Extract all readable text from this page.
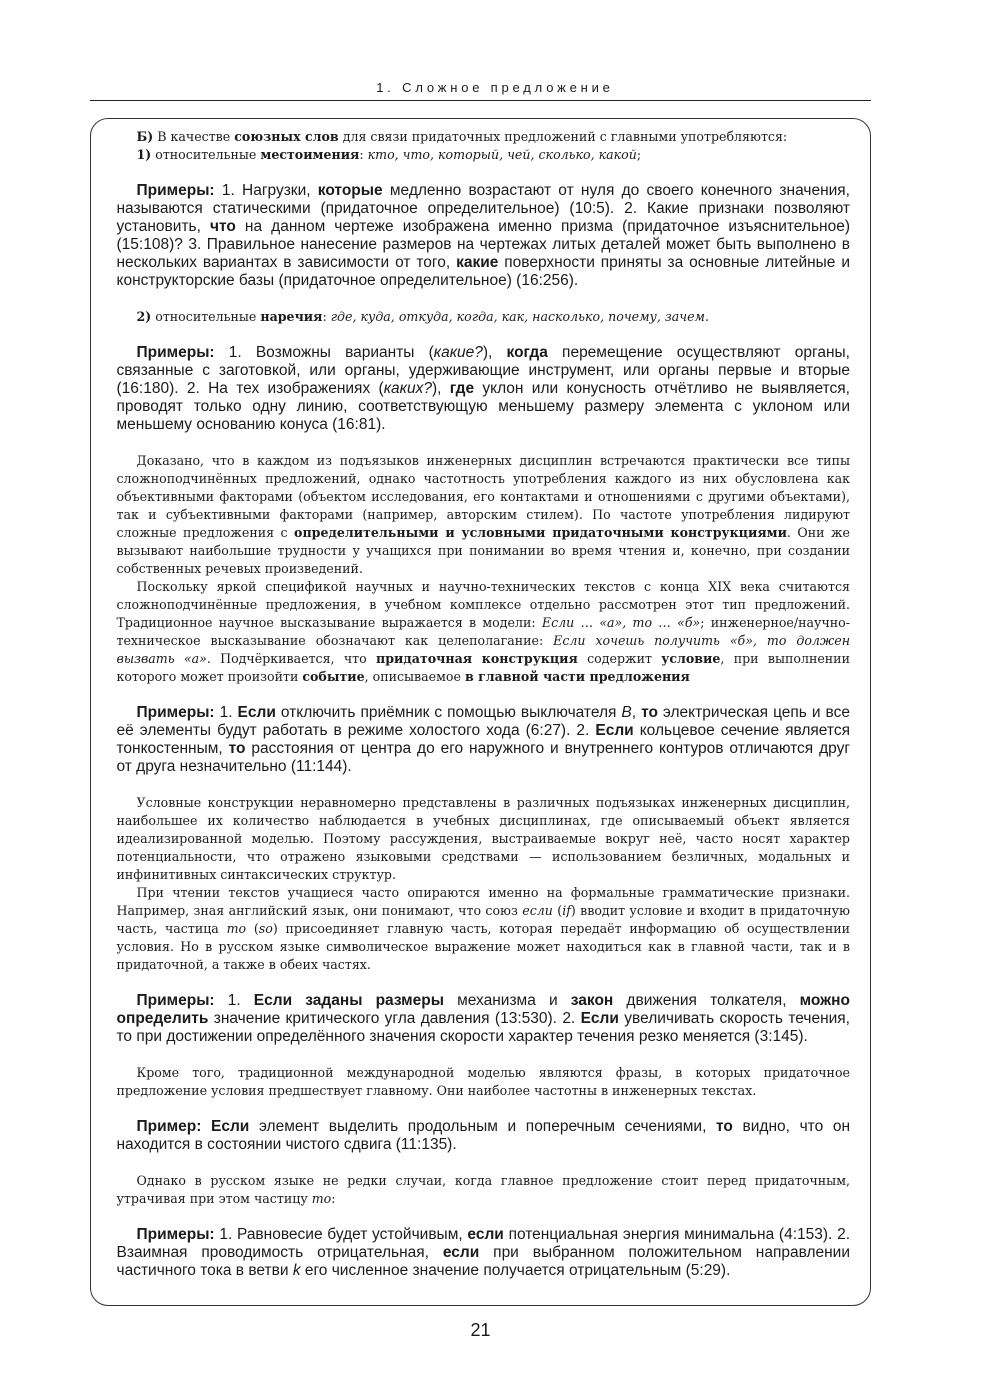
1. Сложное предложение

Б) В качестве союзных слов для связи придаточных предложений с главными употребляются:

1) относительные местоимения: кто, что, который, чей, сколько, какой;

Примеры: 1. Нагрузки, которые медленно возрастают от нуля до своего конечного значения, называются статическими (придаточное определительное) (10:5). 2. Какие признаки позволяют установить, что на данном чертеже изображена именно призма (придаточное изъяснительное) (15:108)? 3. Правильное нанесение размеров на чертежах литых деталей может быть выполнено в нескольких вариантах в зависимости от того, какие поверхности приняты за основные литейные и конструкторские базы (придаточное определительное) (16:256).

2) относительные наречия: где, куда, откуда, когда, как, насколько, почему, зачем.

Примеры: 1. Возможны варианты (какие?), когда перемещение осуществляют органы, связанные с заготовкой, или органы, удерживающие инструмент, или органы первые и вторые (16:180). 2. На тех изображениях (каких?), где уклон или конусность отчётливо не выявляется, проводят только одну линию, соответствующую меньшему размеру элемента с уклоном или меньшему основанию конуса (16:81).

Доказано, что в каждом из подъязыков инженерных дисциплин встречаются практически все типы сложноподчинённых предложений, однако частотность употребления каждого из них обусловлена как объективными факторами (объектом исследования, его контактами и отношениями с другими объектами), так и субъективными факторами (например, авторским стилем). По частоте употребления лидируют сложные предложения с определительными и условными придаточными конструкциями. Они же вызывают наибольшие трудности у учащихся при понимании во время чтения и, конечно, при создании собственных речевых произведений.

Поскольку яркой спецификой научных и научно-технических текстов с конца XIX века считаются сложноподчинённые предложения, в учебном комплексе отдельно рассмотрен этот тип предложений. Традиционное научное высказывание выражается в модели: Если … «а», то … «б»; инженерное/научно-техническое высказывание обозначают как целеполагание: Если хочешь получить «б», то должен вызвать «а». Подчёркивается, что придаточная конструкция содержит условие, при выполнении которого может произойти событие, описываемое в главной части предложения

Примеры: 1. Если отключить приёмник с помощью выключателя В, то электрическая цепь и все её элементы будут работать в режиме холостого хода (6:27). 2. Если кольцевое сечение является тонкостенным, то расстояния от центра до его наружного и внутреннего контуров отличаются друг от друга незначительно (11:144).

Условные конструкции неравномерно представлены в различных подъязыках инженерных дисциплин, наибольшее их количество наблюдается в учебных дисциплинах, где описываемый объект является идеализированной моделью. Поэтому рассуждения, выстраиваемые вокруг неё, часто носят характер потенциальности, что отражено языковыми средствами — использованием безличных, модальных и инфинитивных синтаксических структур.

При чтении текстов учащиеся часто опираются именно на формальные грамматические признаки. Например, зная английский язык, они понимают, что союз если (if) вводит условие и входит в придаточную часть, частица то (so) присоединяет главную часть, которая передаёт информацию об осуществлении условия. Но в русском языке символическое выражение может находиться как в главной части, так и в придаточной, а также в обеих частях.

Примеры: 1. Если заданы размеры механизма и закон движения толкателя, можно определить значение критического угла давления (13:530). 2. Если увеличивать скорость течения, то при достижении определённого значения скорости характер течения резко меняется (3:145).

Кроме того, традиционной международной моделью являются фразы, в которых придаточное предложение условия предшествует главному. Они наиболее частотны в инженерных текстах.

Пример: Если элемент выделить продольным и поперечным сечениями, то видно, что он находится в состоянии чистого сдвига (11:135).

Однако в русском языке не редки случаи, когда главное предложение стоит перед придаточным, утрачивая при этом частицу то:

Примеры: 1. Равновесие будет устойчивым, если потенциальная энергия минимальна (4:153). 2. Взаимная проводимость отрицательная, если при выбранном положительном направлении частичного тока в ветви k его численное значение получается отрицательным (5:29).

21
